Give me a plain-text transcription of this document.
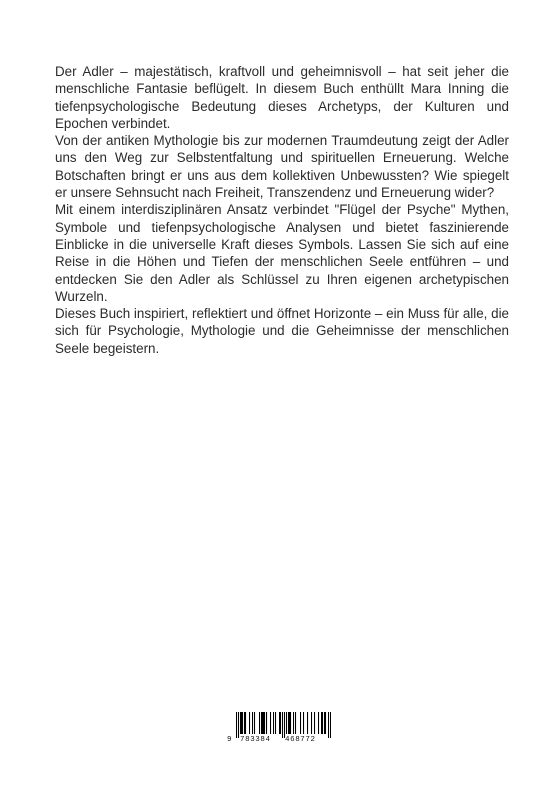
Der Adler – majestätisch, kraftvoll und geheimnisvoll – hat seit jeher die menschliche Fantasie beflügelt. In diesem Buch enthüllt Mara Inning die tiefenpsychologische Bedeutung dieses Archetyps, der Kulturen und Epochen verbindet.

Von der antiken Mythologie bis zur modernen Traumdeutung zeigt der Adler uns den Weg zur Selbstentfaltung und spirituellen Erneuerung. Welche Botschaften bringt er uns aus dem kollektiven Unbewussten? Wie spiegelt er unsere Sehnsucht nach Freiheit, Transzendenz und Erneuerung wider?

Mit einem interdisziplinären Ansatz verbindet "Flügel der Psyche" Mythen, Symbole und tiefenpsychologische Analysen und bietet faszinierende Einblicke in die universelle Kraft dieses Symbols. Lassen Sie sich auf eine Reise in die Höhen und Tiefen der menschlichen Seele entführen – und entdecken Sie den Adler als Schlüssel zu Ihren eigenen archetypischen Wurzeln.

Dieses Buch inspiriert, reflektiert und öffnet Horizonte – ein Muss für alle, die sich für Psychologie, Mythologie und die Geheimnisse der menschlichen Seele begeistern.

9 783384 468772
